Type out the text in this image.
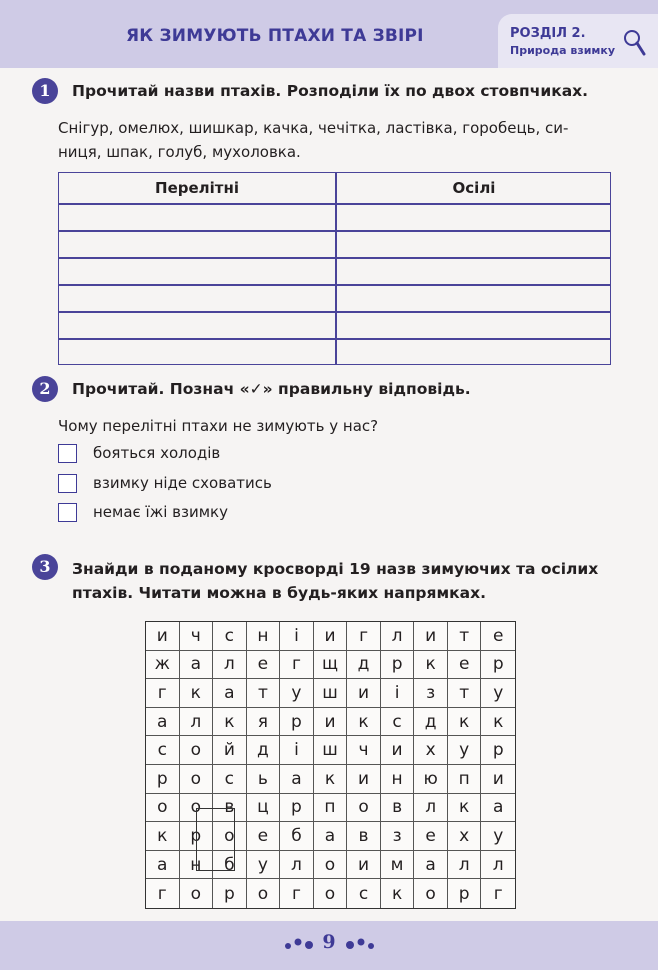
ЯК ЗИМУЮТЬ ПТАХИ ТА ЗВІРІ	РОЗДІЛ 2.
Природа взимку
1	Прочитай назви птахів. Розподіли їх по двох стовпчиках.
Снігур, омелюх, шишкар, качка, чечітка, ластівка, горобець, си-
ниця, шпак, голуб, мухоловка.
Перелітні	Осілі
2	Прочитай. Познач «✓» правильну відповідь.
Чому перелітні птахи не зимують у нас?
бояться холодів
взимку ніде сховатись
немає їжі взимку
3	Знайди в поданому кросворді 19 назв зимуючих та осілих
птахів. Читати можна в будь-яких напрямках.
и	ч	с	н	і	и	г	л	и	т	е
ж	а	л	е	г	щ	д	р	к	е	р
г	к	а	т	у	ш	и	і	з	т	у
а	л	к	я	р	и	к	с	д	к	к
с	о	й	д	і	ш	ч	и	х	у	р
р	о	с	ь	а	к	и	н	ю	п	и
о	о	в	ц	р	п	о	в	л	к	а
к	р	о	е	б	а	в	з	е	х	у
а	н	б	у	л	о	и	м	а	л	л
г	о	р	о	г	о	с	к	о	р	г
9
